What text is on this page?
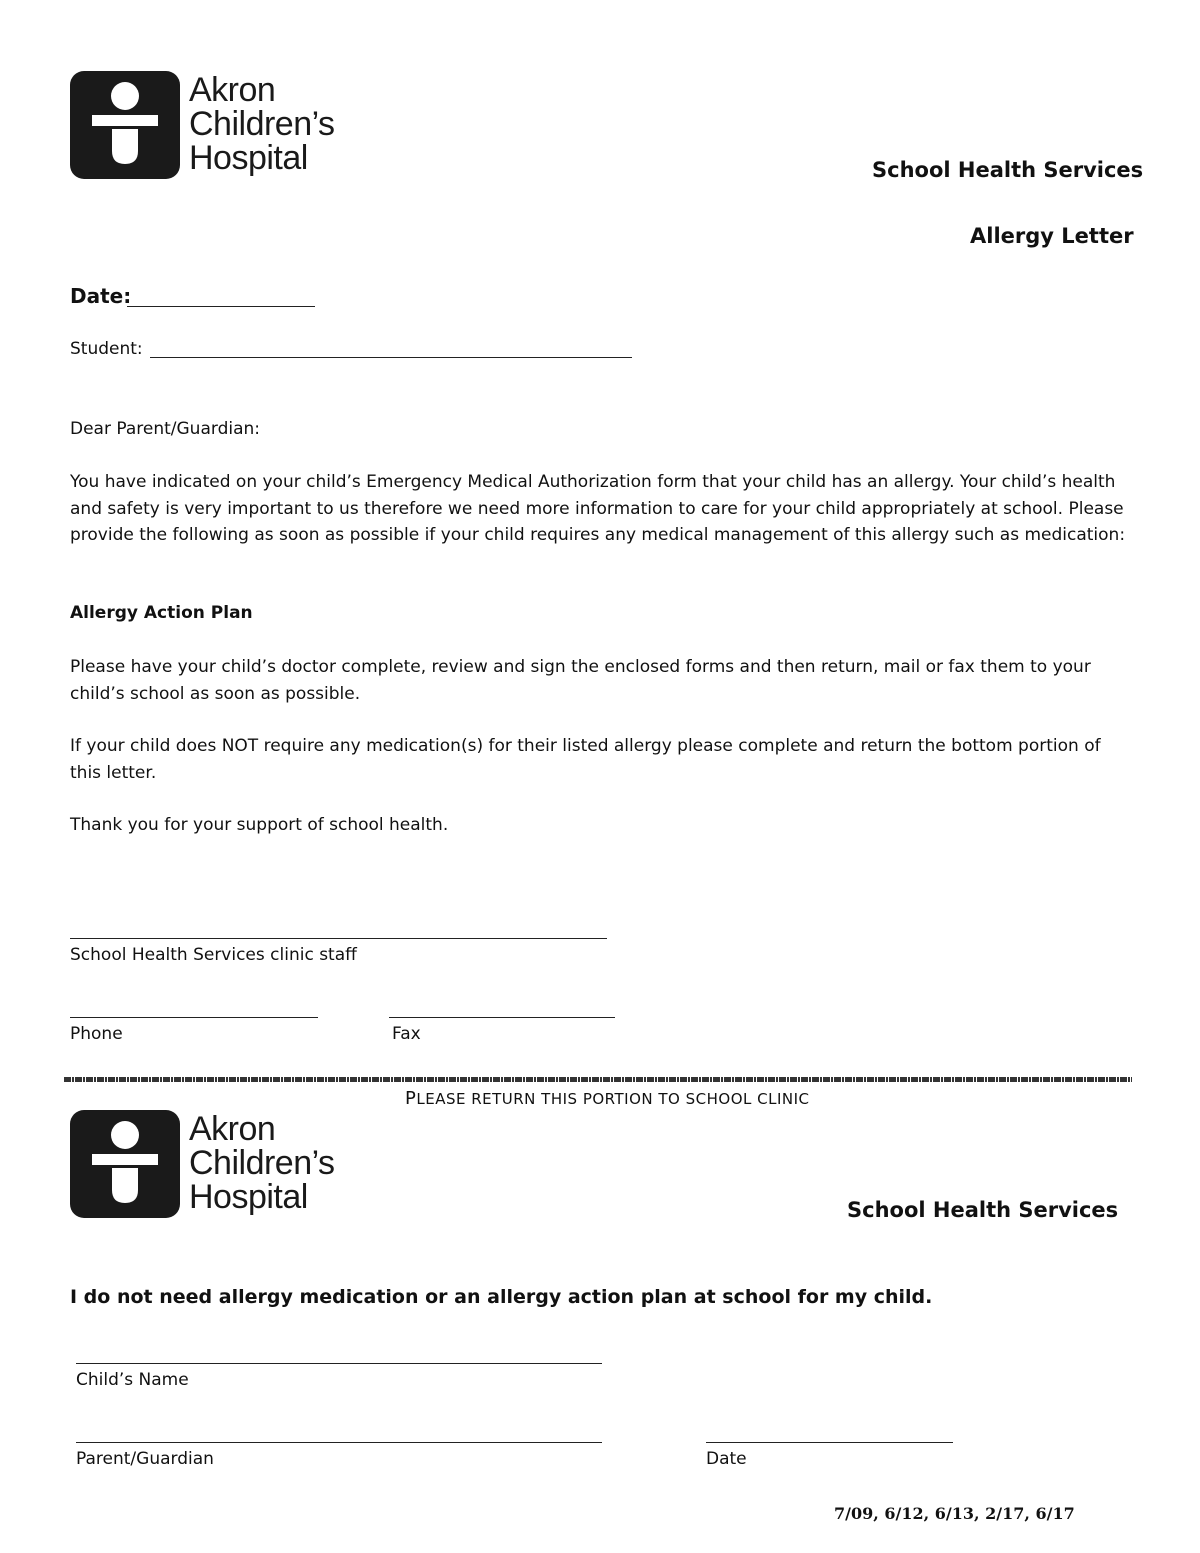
Akron
Children’s
Hospital	School Health Services
Allergy Letter
Date:
Student:
Dear Parent/Guardian:
You have indicated on your child’s Emergency Medical Authorization form that your child has an allergy. Your child’s health and safety is very important to us therefore we need more information to care for your child appropriately at school. Please provide the following as soon as possible if your child requires any medical management of this allergy such as medication:
Allergy Action Plan
Please have your child’s doctor complete, review and sign the enclosed forms and then return, mail or fax them to your child’s school as soon as possible.
If your child does NOT require any medication(s) for their listed allergy please complete and return the bottom portion of this letter.
Thank you for your support of school health.
School Health Services clinic staff
Phone	Fax
PLEASE RETURN THIS PORTION TO SCHOOL CLINIC
Akron
Children’s
Hospital	School Health Services
I do not need allergy medication or an allergy action plan at school for my child.
Child’s Name
Parent/Guardian	Date
7/09, 6/12, 6/13, 2/17, 6/17
